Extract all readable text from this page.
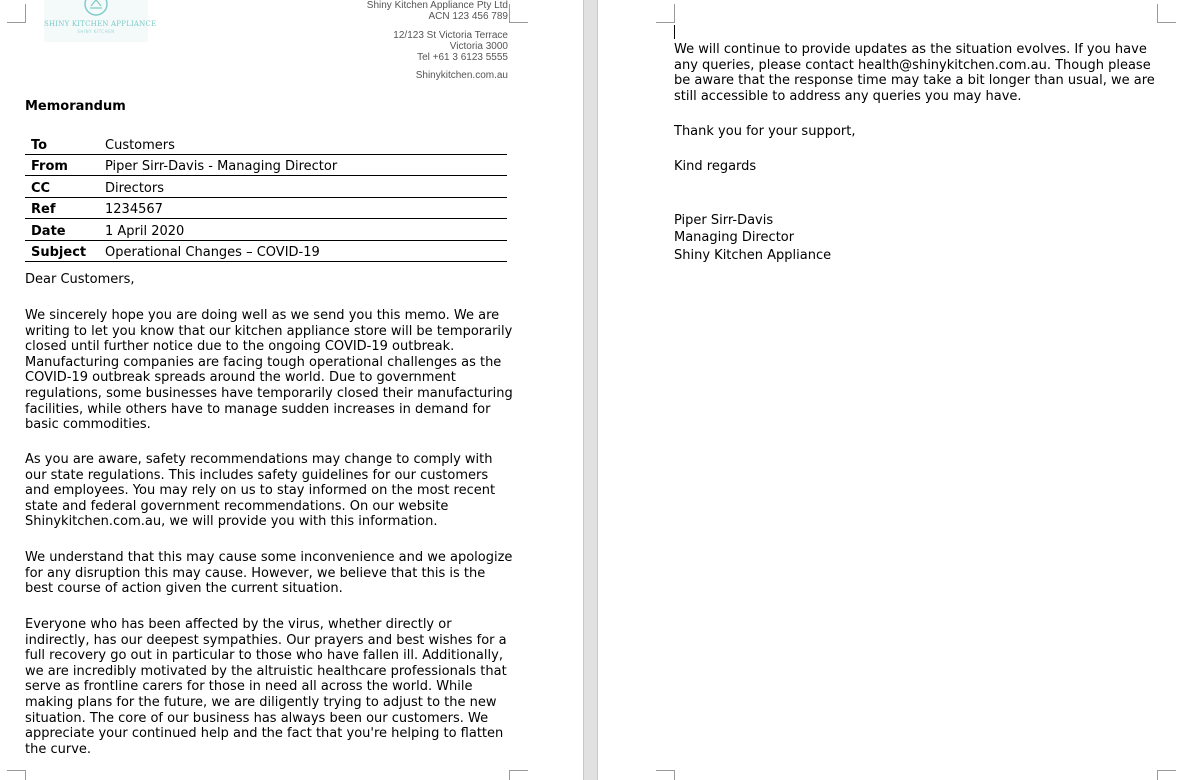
SHINY KITCHEN APPLIANCE
SHINY KITCHEN
Shiny Kitchen Appliance Pty Ltd
ACN 123 456 789
12/123 St Victoria Terrace
Victoria 3000
Tel +61 3 6123 5555
Shinykitchen.com.au
Memorandum
To	Customers
From	Piper Sirr-Davis - Managing Director
CC	Directors
Ref	1234567
Date	1 April 2020
Subject	Operational Changes – COVID-19
Dear Customers,
We sincerely hope you are doing well as we send you this memo. We are writing to let you know that our kitchen appliance store will be temporarily closed until further notice due to the ongoing COVID-19 outbreak. Manufacturing companies are facing tough operational challenges as the COVID-19 outbreak spreads around the world. Due to government regulations, some businesses have temporarily closed their manufacturing facilities, while others have to manage sudden increases in demand for basic commodities.
As you are aware, safety recommendations may change to comply with our state regulations. This includes safety guidelines for our customers and employees. You may rely on us to stay informed on the most recent state and federal government recommendations. On our website Shinykitchen.com.au, we will provide you with this information.
We understand that this may cause some inconvenience and we apologize for any disruption this may cause. However, we believe that this is the best course of action given the current situation.
Everyone who has been affected by the virus, whether directly or indirectly, has our deepest sympathies. Our prayers and best wishes for a full recovery go out in particular to those who have fallen ill. Additionally, we are incredibly motivated by the altruistic healthcare professionals that serve as frontline carers for those in need all across the world. While making plans for the future, we are diligently trying to adjust to the new situation. The core of our business has always been our customers. We appreciate your continued help and the fact that you're helping to flatten the curve.
We will continue to provide updates as the situation evolves. If you have any queries, please contact health@shinykitchen.com.au. Though please be aware that the response time may take a bit longer than usual, we are still accessible to address any queries you may have.
Thank you for your support,
Kind regards
Piper Sirr-Davis
Managing Director
Shiny Kitchen Appliance
